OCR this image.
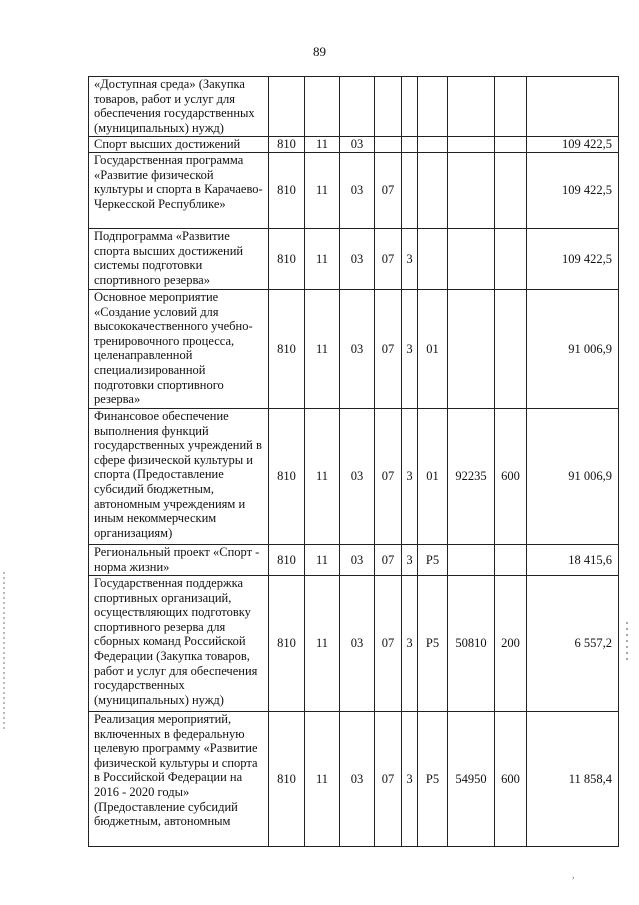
89
«Доступная среда» (Закупка товаров, работ и услуг для обеспечения государственных (муниципальных) нужд)									
Спорт высших достижений	810	11	03						109 422,5
Государственная программа «Развитие физической культуры и спорта в Карачаево-Черкесской Республике»	810	11	03	07					109 422,5
Подпрограмма «Развитие спорта высших достижений системы подготовки спортивного резерва»	810	11	03	07	3				109 422,5
Основное мероприятие «Создание условий для высококачественного учебно-тренировочного процесса, целенаправленной специализированной подготовки спортивного резерва»	810	11	03	07	3	01			91 006,9
Финансовое обеспечение выполнения функций государственных учреждений в сфере физической культуры и спорта (Предоставление субсидий бюджетным, автономным учреждениям и иным некоммерческим организациям)	810	11	03	07	3	01	92235	600	91 006,9
Региональный проект «Спорт - норма жизни»	810	11	03	07	3	P5			18 415,6
Государственная поддержка спортивных организаций, осуществляющих подготовку спортивного резерва для сборных команд Российской Федерации (Закупка товаров, работ и услуг для обеспечения государственных (муниципальных) нужд)	810	11	03	07	3	P5	50810	200	6 557,2
Реализация мероприятий, включенных в федеральную целевую программу «Развитие физической культуры и спорта в Российской Федерации на 2016 - 2020 годы» (Предоставление субсидий бюджетным, автономным	810	11	03	07	3	P5	54950	600	11 858,4
,
